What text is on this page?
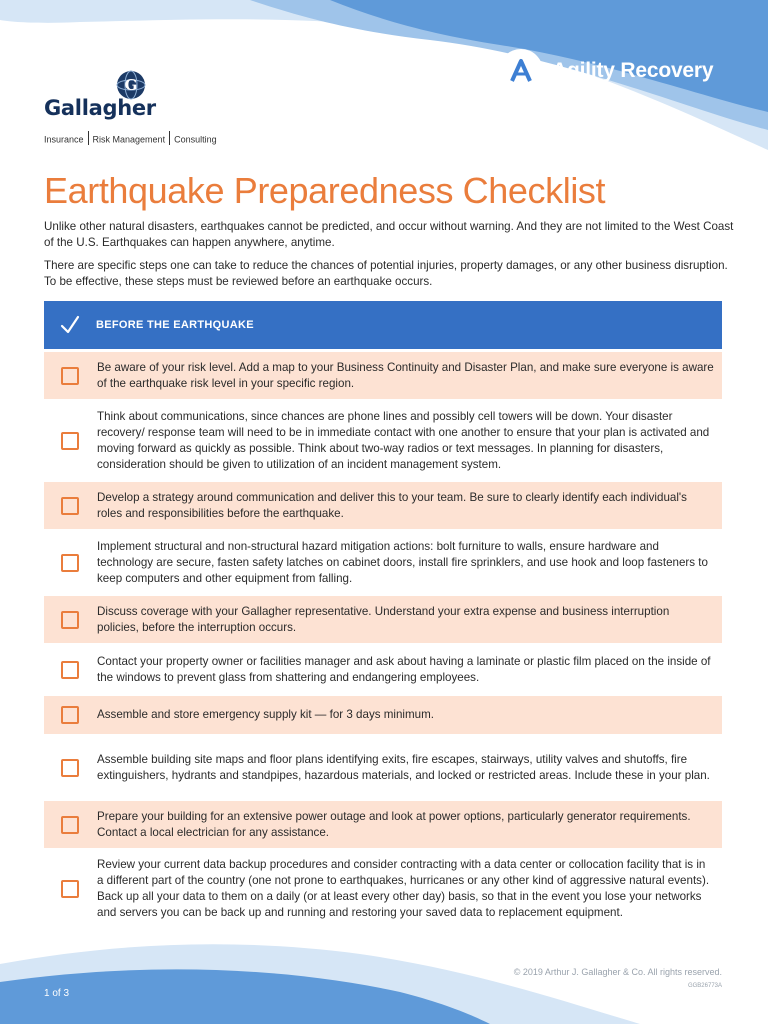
G
Gallagher
Insurance Risk Management Consulting
Agility Recovery
Earthquake Preparedness Checklist

Unlike other natural disasters, earthquakes cannot be predicted, and occur without warning. And they are not limited to the West Coast of the U.S. Earthquakes can happen anywhere, anytime.

There are specific steps one can take to reduce the chances of potential injuries, property damages, or any other business disruption. To be effective, these steps must be reviewed before an earthquake occurs.

BEFORE THE EARTHQUAKE
Be aware of your risk level. Add a map to your Business Continuity and Disaster Plan, and make sure everyone is aware of the earthquake risk level in your specific region.
Think about communications, since chances are phone lines and possibly cell towers will be down. Your disaster recovery/ response team will need to be in immediate contact with one another to ensure that your plan is activated and moving forward as quickly as possible. Think about two-way radios or text messages. In planning for disasters, consideration should be given to utilization of an incident management system.
Develop a strategy around communication and deliver this to your team. Be sure to clearly identify each individual's roles and responsibilities before the earthquake.
Implement structural and non-structural hazard mitigation actions: bolt furniture to walls, ensure hardware and technology are secure, fasten safety latches on cabinet doors, install fire sprinklers, and use hook and loop fasteners to keep computers and other equipment from falling.
Discuss coverage with your Gallagher representative. Understand your extra expense and business interruption policies, before the interruption occurs.
Contact your property owner or facilities manager and ask about having a laminate or plastic film placed on the inside of the windows to prevent glass from shattering and endangering employees.
Assemble and store emergency supply kit — for 3 days minimum.
Assemble building site maps and floor plans identifying exits, fire escapes, stairways, utility valves and shutoffs, fire extinguishers, hydrants and standpipes, hazardous materials, and locked or restricted areas. Include these in your plan.
Prepare your building for an extensive power outage and look at power options, particularly generator requirements. Contact a local electrician for any assistance.
Review your current data backup procedures and consider contracting with a data center or collocation facility that is in a different part of the country (one not prone to earthquakes, hurricanes or any other kind of aggressive natural events). Back up all your data to them on a daily (or at least every other day) basis, so that in the event you lose your networks and servers you can be back up and running and restoring your saved data to replacement equipment.
© 2019 Arthur J. Gallagher & Co. All rights reserved.
GGB26773A
1 of 3
